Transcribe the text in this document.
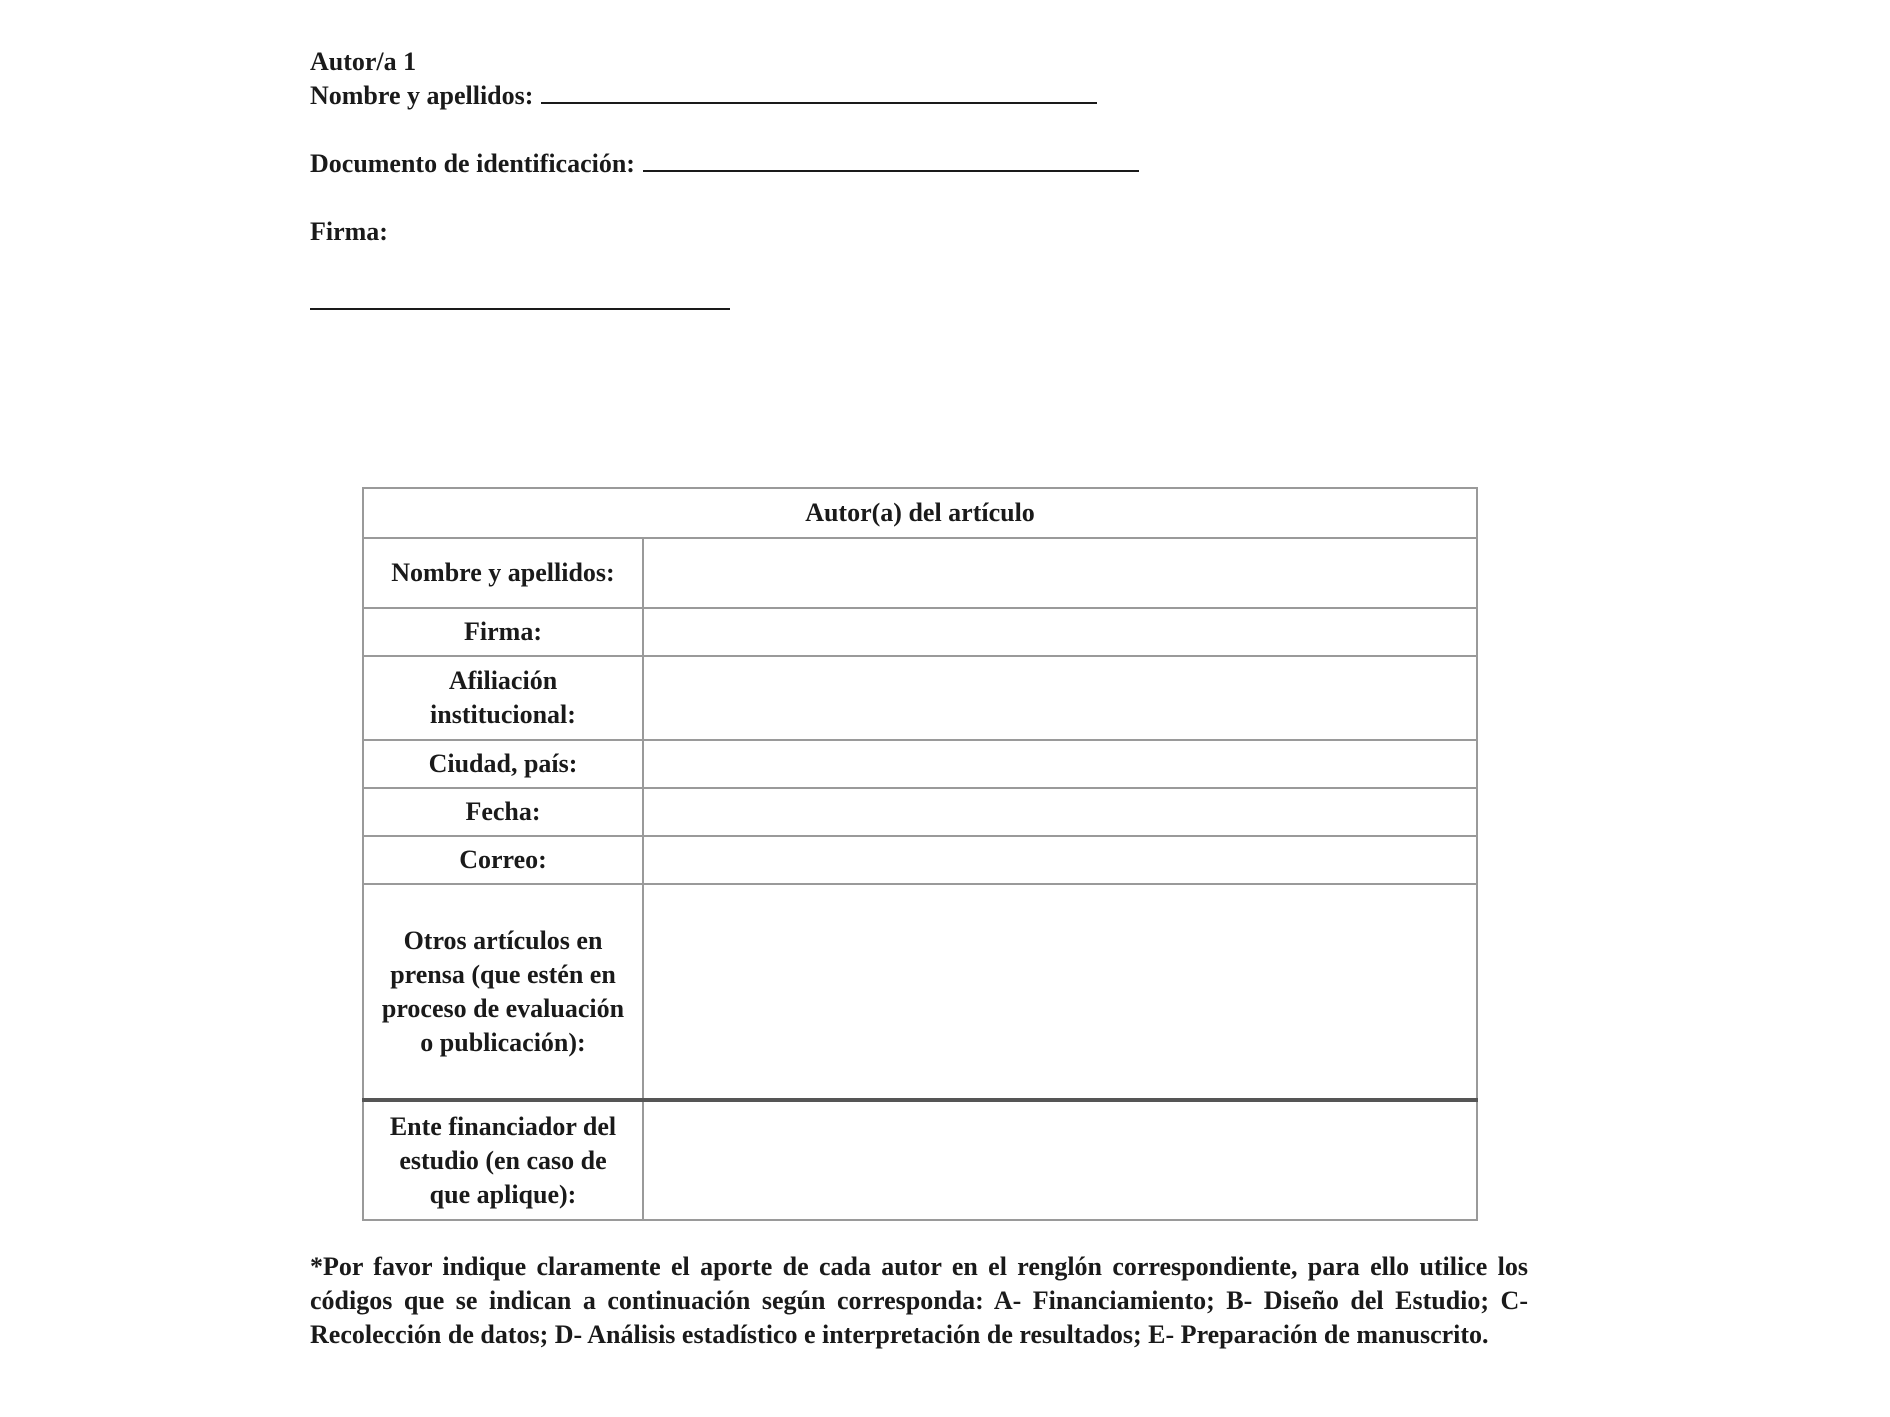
Autor/a 1
Nombre y apellidos:
Documento de identificación:
Firma:
Autor(a) del artículo	
Nombre y apellidos:	
Firma:	
Afiliación institucional:	
Ciudad, país:	
Fecha:	
Correo:	
Otros artículos en prensa (que estén en proceso de evaluación o publicación):	
Ente financiador del estudio (en caso de que aplique):	
*Por favor indique claramente el aporte de cada autor en el renglón correspondiente, para ello utilice los códigos que se indican a continuación según corresponda: A- Financiamiento; B- Diseño del Estudio; C- Recolección de datos; D- Análisis estadístico e interpretación de resultados; E- Preparación de manuscrito.
